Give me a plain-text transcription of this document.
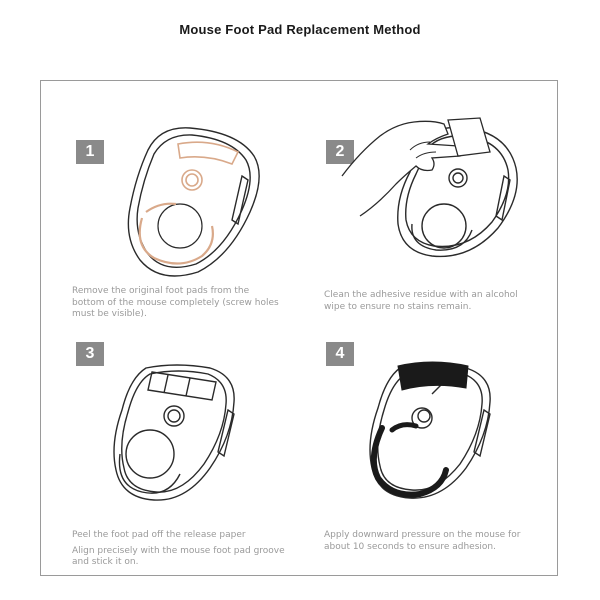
Mouse Foot Pad Replacement Method
1
Remove the original foot pads from the bottom of the mouse completely (screw holes must be visible).
2
Clean the adhesive residue with an alcohol wipe to ensure no stains remain.
3

Peel the foot pad off the release paper

Align precisely with the mouse foot pad groove and stick it on.

4
Apply downward pressure on the mouse for about 10 seconds to ensure adhesion.
